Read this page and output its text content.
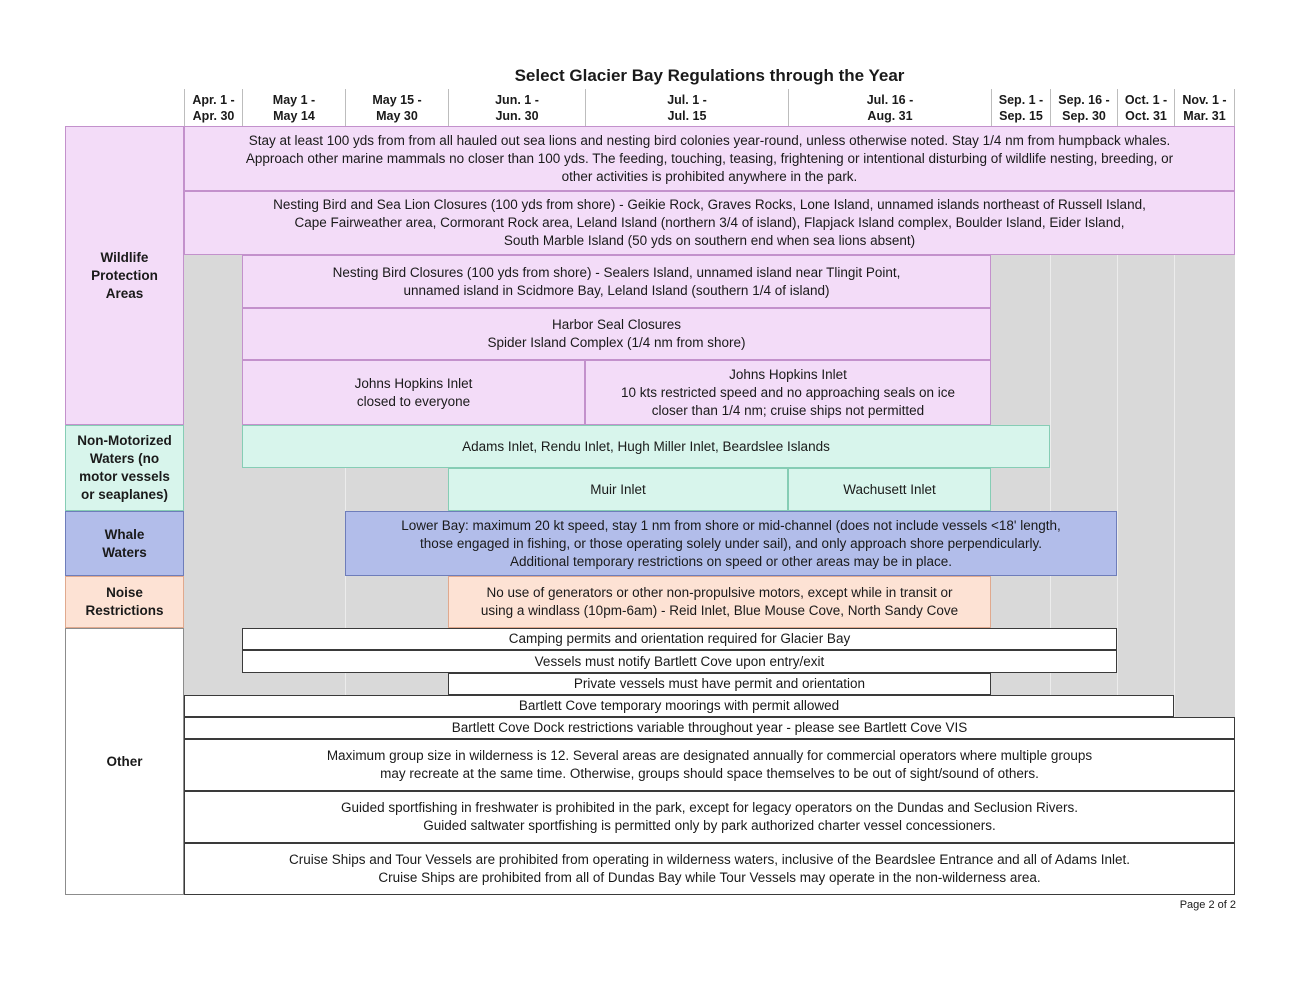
Select Glacier Bay Regulations through the Year
Apr. 1 -
Apr. 30
May 1 -
May 14
May 15 -
May 30
Jun. 1 -
Jun. 30
Jul. 1 -
Jul. 15
Jul. 16 -
Aug. 31
Sep. 1 -
Sep. 15
Sep. 16 -
Sep. 30
Oct. 1 -
Oct. 31
Nov. 1 -
Mar. 31
Wildlife
Protection
Areas
Non-Motorized
Waters (no
motor vessels
or seaplanes)
Whale
Waters
Noise
Restrictions
Other
Stay at least 100 yds from from all hauled out sea lions and nesting bird colonies year-round, unless otherwise noted. Stay 1/4 nm from humpback whales.
Approach other marine mammals no closer than 100 yds. The feeding, touching, teasing, frightening or intentional disturbing of wildlife nesting, breeding, or
other activities is prohibited anywhere in the park.
Nesting Bird and Sea Lion Closures (100 yds from shore) - Geikie Rock, Graves Rocks, Lone Island, unnamed islands northeast of Russell Island,
Cape Fairweather area, Cormorant Rock area, Leland Island (northern 3/4 of island), Flapjack Island complex, Boulder Island, Eider Island,
South Marble Island (50 yds on southern end when sea lions absent)
Nesting Bird Closures (100 yds from shore) - Sealers Island, unnamed island near Tlingit Point,
unnamed island in Scidmore Bay, Leland Island (southern 1/4 of island)
Harbor Seal Closures
Spider Island Complex (1/4 nm from shore)
Johns Hopkins Inlet
closed to everyone
Johns Hopkins Inlet
10 kts restricted speed and no approaching seals on ice
closer than 1/4 nm; cruise ships not permitted
Adams Inlet, Rendu Inlet, Hugh Miller Inlet, Beardslee Islands
Muir Inlet	Wachusett Inlet
Lower Bay: maximum 20 kt speed, stay 1 nm from shore or mid-channel (does not include vessels <18' length,
those engaged in fishing, or those operating solely under sail), and only approach shore perpendicularly.
Additional temporary restrictions on speed or other areas may be in place.
No use of generators or other non-propulsive motors, except while in transit or
using a windlass (10pm-6am) - Reid Inlet, Blue Mouse Cove, North Sandy Cove
Camping permits and orientation required for Glacier Bay
Vessels must notify Bartlett Cove upon entry/exit
Private vessels must have permit and orientation
Bartlett Cove temporary moorings with permit allowed
Bartlett Cove Dock restrictions variable throughout year - please see Bartlett Cove VIS
Maximum group size in wilderness is 12. Several areas are designated annually for commercial operators where multiple groups
may recreate at the same time. Otherwise, groups should space themselves to be out of sight/sound of others.
Guided sportfishing in freshwater is prohibited in the park, except for legacy operators on the Dundas and Seclusion Rivers.
Guided saltwater sportfishing is permitted only by park authorized charter vessel concessioners.
Cruise Ships and Tour Vessels are prohibited from operating in wilderness waters, inclusive of the Beardslee Entrance and all of Adams Inlet.
Cruise Ships are prohibited from all of Dundas Bay while Tour Vessels may operate in the non-wilderness area.
Page 2 of 2
